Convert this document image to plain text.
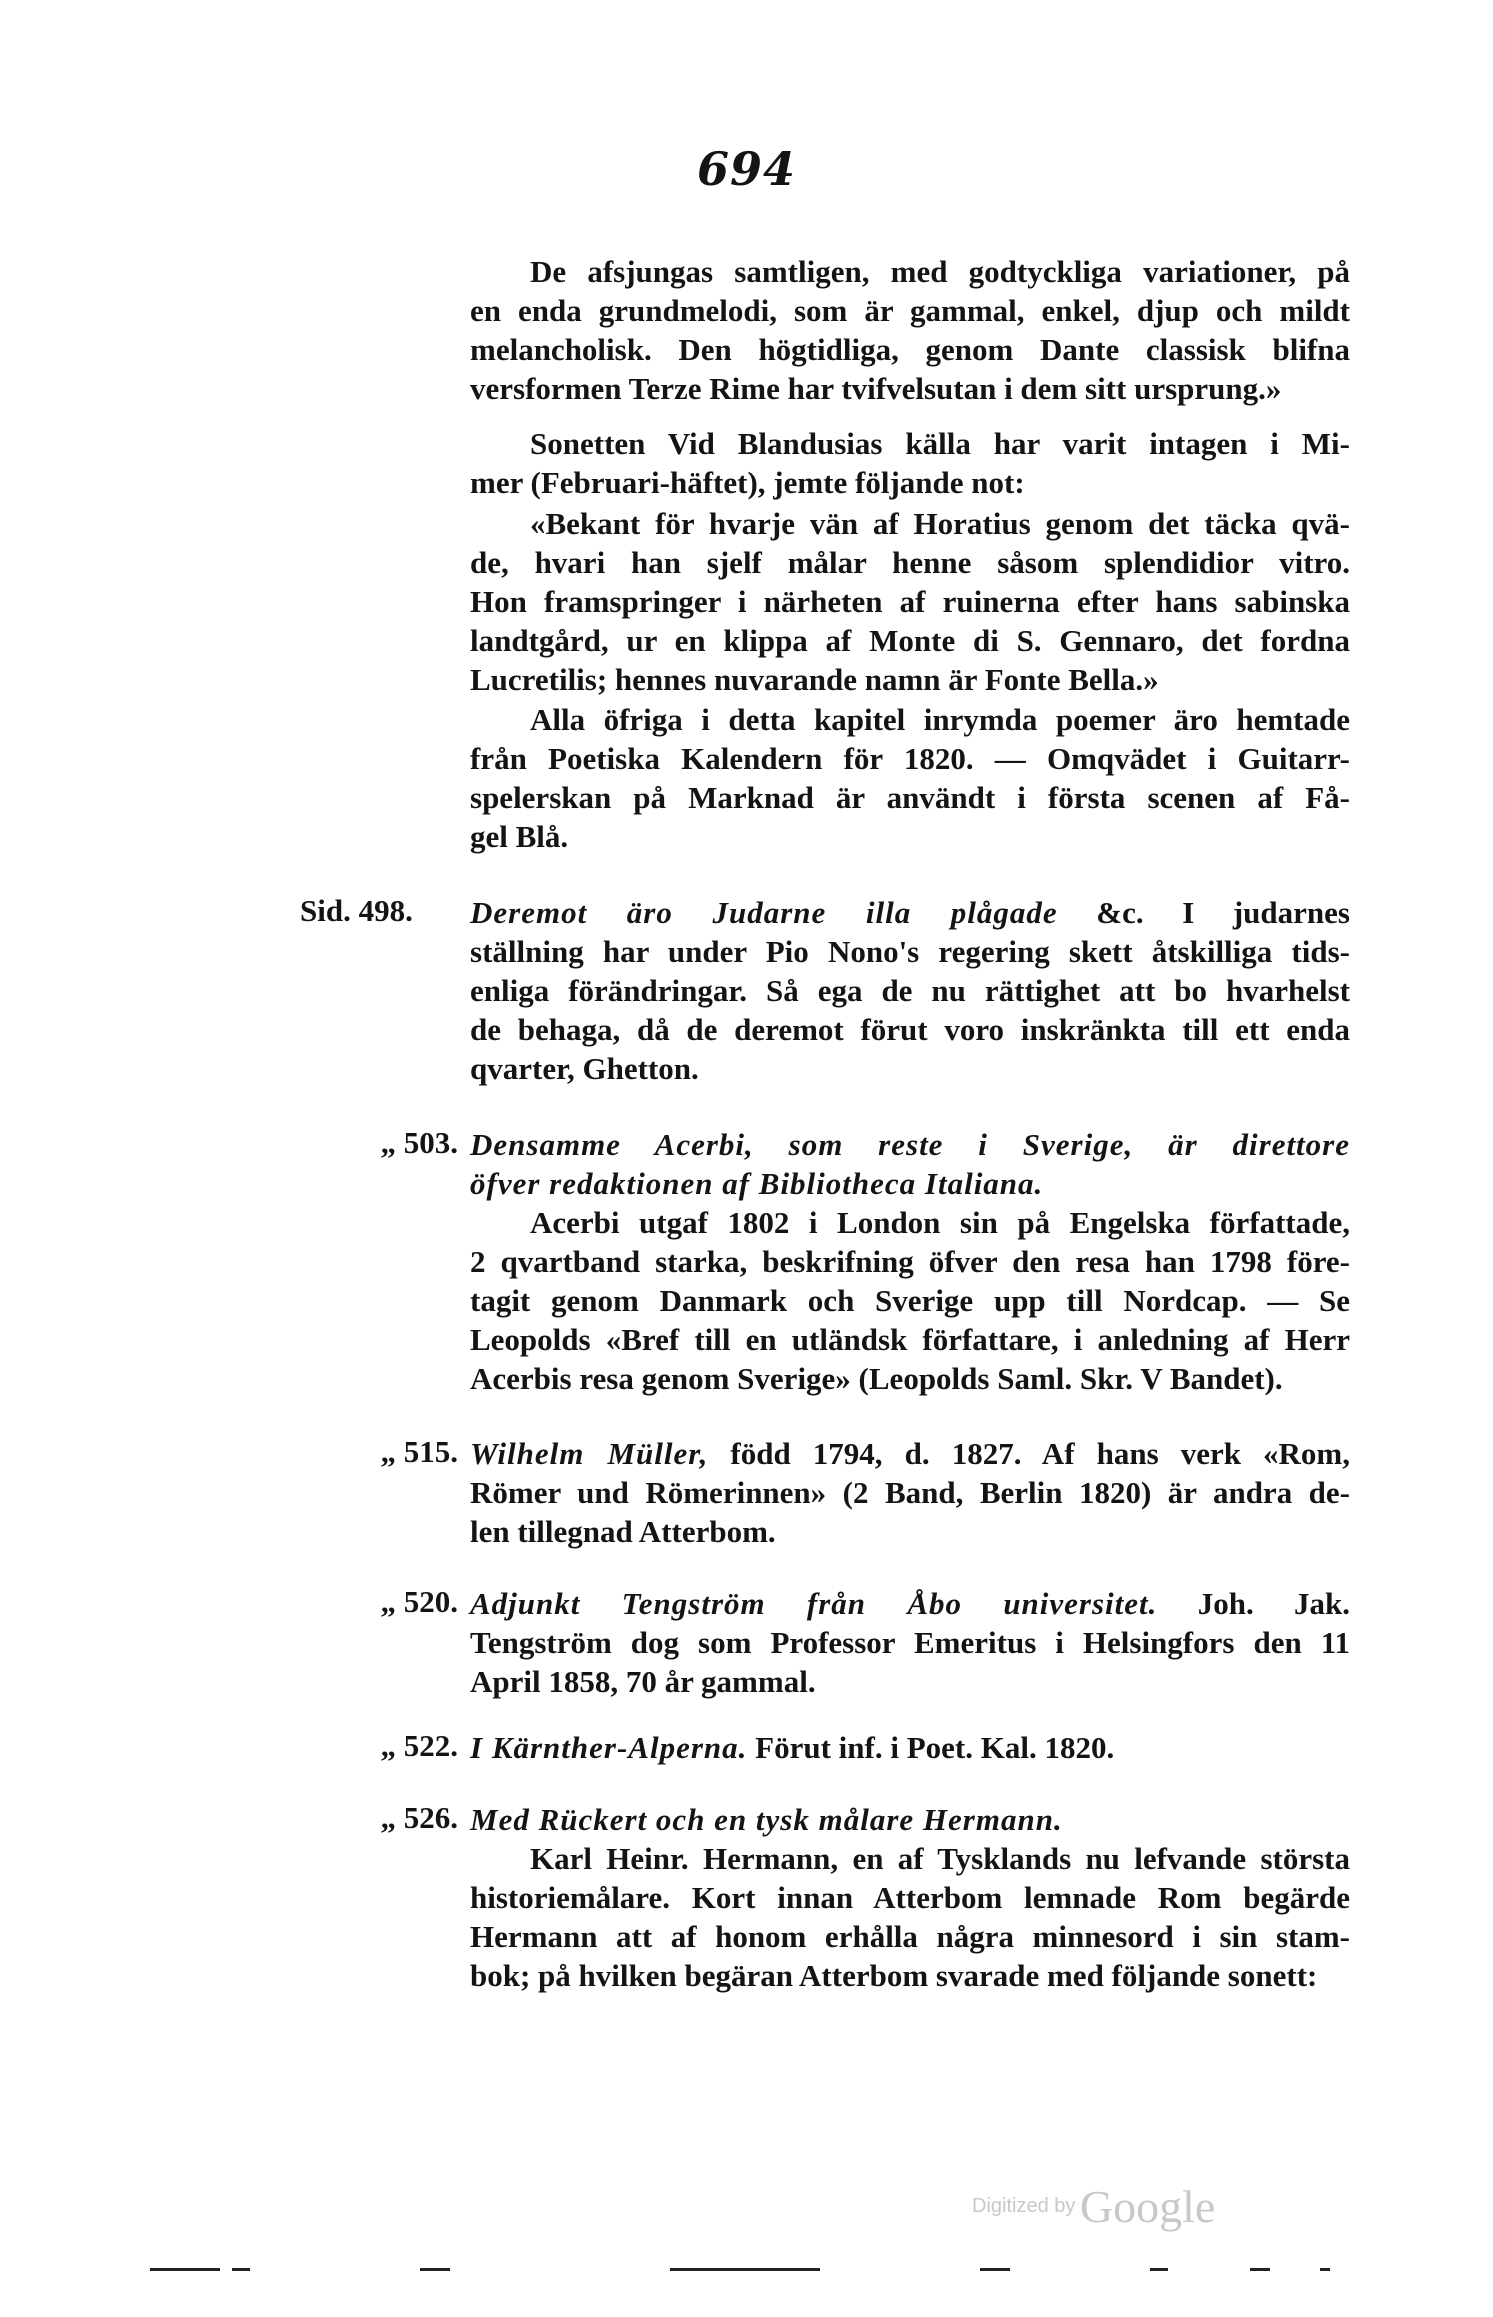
694
De afsjungas samtligen, med godtyckliga variationer, på
en enda grundmelodi, som är gammal, enkel, djup och mildt
melancholisk. Den högtidliga, genom Dante classisk blifna
versformen Terze Rime har tvifvelsutan i dem sitt ursprung.»
Sonetten Vid Blandusias källa har varit intagen i Mi-
mer (Februari-häftet), jemte följande not:
«Bekant för hvarje vän af Horatius genom det täcka qvä-
de, hvari han sjelf målar henne såsom splendidior vitro.
Hon framspringer i närheten af ruinerna efter hans sabinska
landtgård, ur en klippa af Monte di S. Gennaro, det fordna
Lucretilis; hennes nuvarande namn är Fonte Bella.»
Alla öfriga i detta kapitel inrymda poemer äro hemtade
från Poetiska Kalendern för 1820. — Omqvädet i Guitarr-
spelerskan på Marknad är användt i första scenen af Få-
gel Blå.
Sid. 498.	Deremot äro Judarne illa plågade &c. I judarnes
ställning har under Pio Nono's regering skett åtskilliga tids-
enliga förändringar. Så ega de nu rättighet att bo hvarhelst
de behaga, då de deremot förut voro inskränkta till ett enda
qvarter, Ghetton.
„ 503. Densamme Acerbi, som reste i Sverige, är direttore
öfver redaktionen af Bibliotheca Italiana.
Acerbi utgaf 1802 i London sin på Engelska författade,
2 qvartband starka, beskrifning öfver den resa han 1798 före-
tagit genom Danmark och Sverige upp till Nordcap. — Se
Leopolds «Bref till en utländsk författare, i anledning af Herr
Acerbis resa genom Sverige» (Leopolds Saml. Skr. V Bandet).
„ 515. Wilhelm Müller, född 1794, d. 1827. Af hans verk «Rom,
Römer und Römerinnen» (2 Band, Berlin 1820) är andra de-
len tillegnad Atterbom.
„ 520. Adjunkt Tengström från Åbo universitet. Joh. Jak.
Tengström dog som Professor Emeritus i Helsingfors den 11
April 1858, 70 år gammal.
„ 522. I Kärnther-Alperna. Förut inf. i Poet. Kal. 1820.
„ 526. Med Rückert och en tysk målare Hermann.
Karl Heinr. Hermann, en af Tysklands nu lefvande största
historiemålare. Kort innan Atterbom lemnade Rom begärde
Hermann att af honom erhålla några minnesord i sin stam-
bok; på hvilken begäran Atterbom svarade med följande sonett:
Digitized by Google
